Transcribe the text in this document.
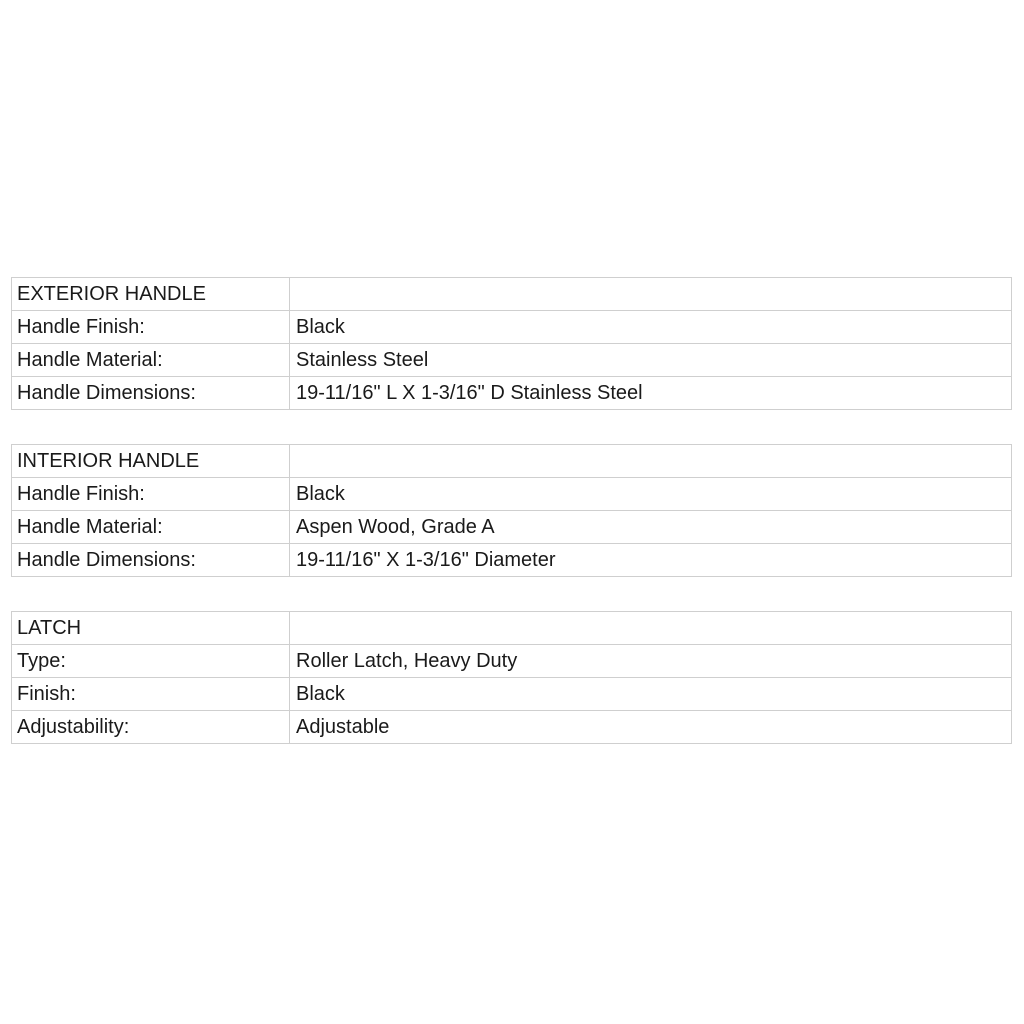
EXTERIOR HANDLE	
Handle Finish:	Black
Handle Material:	Stainless Steel
Handle Dimensions:	19-11/16" L X 1-3/16" D Stainless Steel
INTERIOR HANDLE	
Handle Finish:	Black
Handle Material:	Aspen Wood, Grade A
Handle Dimensions:	19-11/16" X 1-3/16" Diameter
LATCH	
Type:	Roller Latch, Heavy Duty
Finish:	Black
Adjustability:	Adjustable
